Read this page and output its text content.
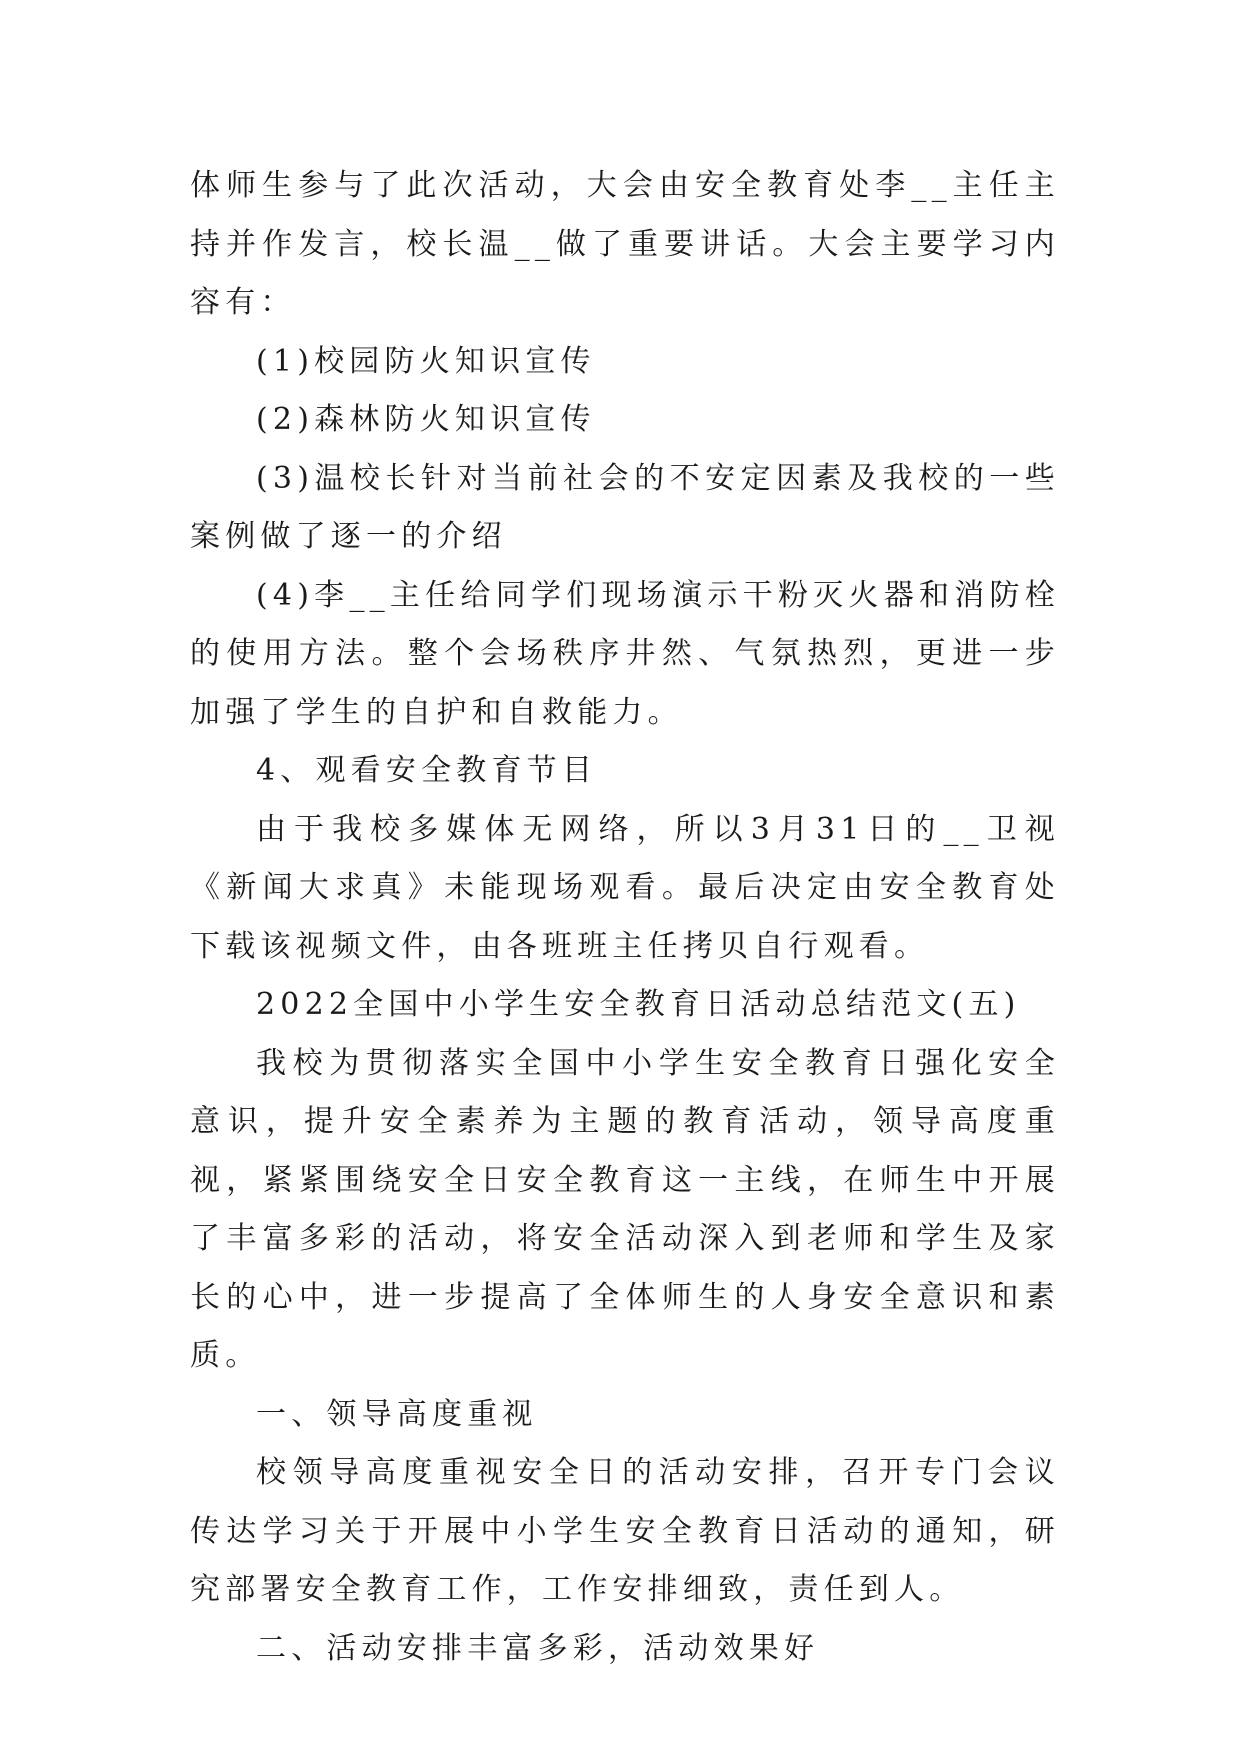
体师生参与了此次活动，大会由安全教育处李__主任主持并作发言，校长温__做了重要讲话。大会主要学习内容有：

(1)校园防火知识宣传

(2)森林防火知识宣传

(3)温校长针对当前社会的不安定因素及我校的一些案例做了逐一的介绍

(4)李__主任给同学们现场演示干粉灭火器和消防栓的使用方法。整个会场秩序井然、气氛热烈，更进一步加强了学生的自护和自救能力。

4、观看安全教育节目

由于我校多媒体无网络，所以3月31日的__卫视《新闻大求真》未能现场观看。最后决定由安全教育处下载该视频文件，由各班班主任拷贝自行观看。

2022全国中小学生安全教育日活动总结范文(五)

我校为贯彻落实全国中小学生安全教育日强化安全意识，提升安全素养为主题的教育活动，领导高度重视，紧紧围绕安全日安全教育这一主线，在师生中开展了丰富多彩的活动，将安全活动深入到老师和学生及家长的心中，进一步提高了全体师生的人身安全意识和素质。

一、领导高度重视

校领导高度重视安全日的活动安排，召开专门会议传达学习关于开展中小学生安全教育日活动的通知，研究部署安全教育工作，工作安排细致，责任到人。

二、活动安排丰富多彩，活动效果好
